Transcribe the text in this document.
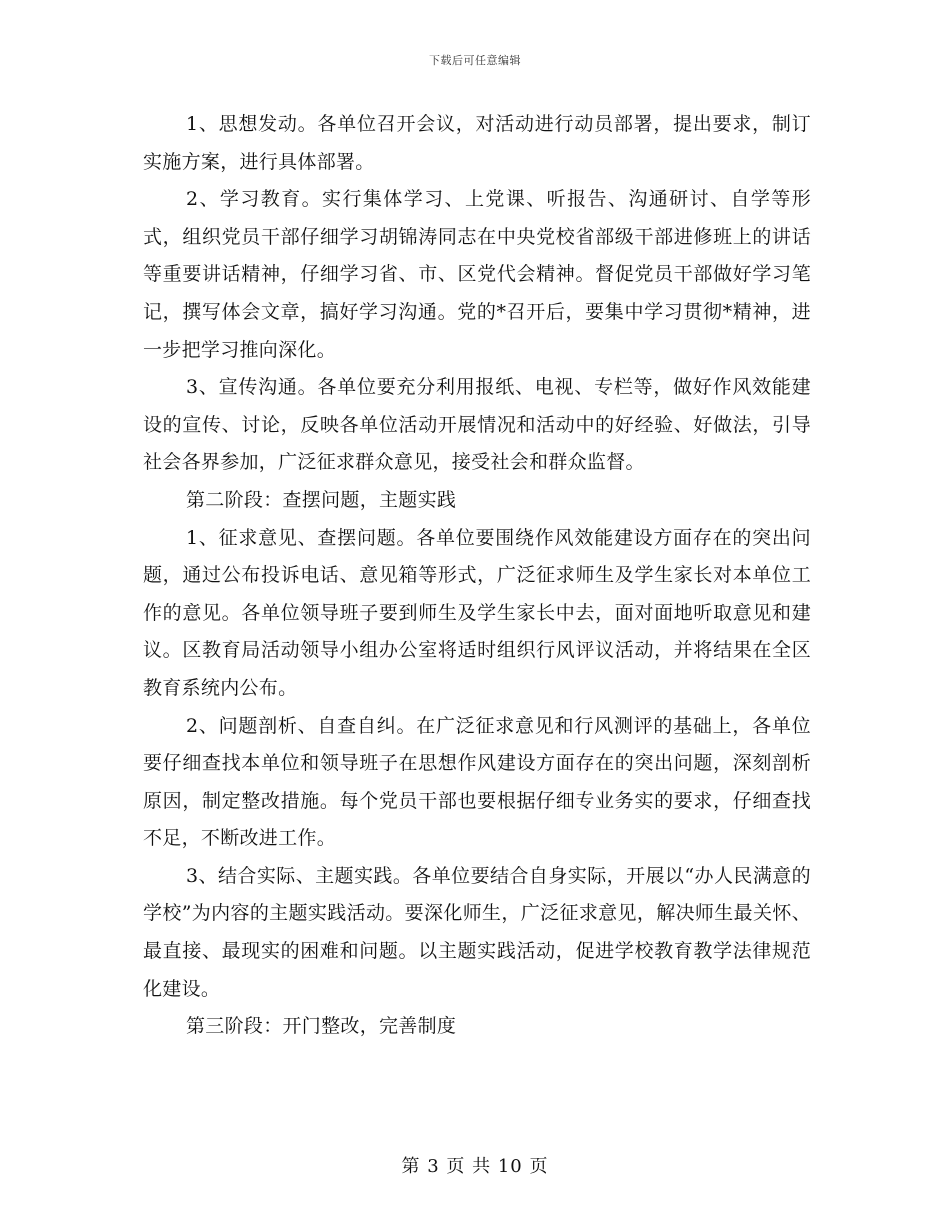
下载后可任意编辑

1、思想发动。各单位召开会议，对活动进行动员部署，提出要求，制订实施方案，进行具体部署。

2、学习教育。实行集体学习、上党课、听报告、沟通研讨、自学等形式，组织党员干部仔细学习胡锦涛同志在中央党校省部级干部进修班上的讲话等重要讲话精神，仔细学习省、市、区党代会精神。督促党员干部做好学习笔记，撰写体会文章，搞好学习沟通。党的*召开后，要集中学习贯彻*精神，进一步把学习推向深化。

3、宣传沟通。各单位要充分利用报纸、电视、专栏等，做好作风效能建设的宣传、讨论，反映各单位活动开展情况和活动中的好经验、好做法，引导社会各界参加，广泛征求群众意见，接受社会和群众监督。

第二阶段：查摆问题，主题实践

1、征求意见、查摆问题。各单位要围绕作风效能建设方面存在的突出问题，通过公布投诉电话、意见箱等形式，广泛征求师生及学生家长对本单位工作的意见。各单位领导班子要到师生及学生家长中去，面对面地听取意见和建议。区教育局活动领导小组办公室将适时组织行风评议活动，并将结果在全区教育系统内公布。

2、问题剖析、自查自纠。在广泛征求意见和行风测评的基础上，各单位要仔细查找本单位和领导班子在思想作风建设方面存在的突出问题，深刻剖析原因，制定整改措施。每个党员干部也要根据仔细专业务实的要求，仔细查找不足，不断改进工作。

3、结合实际、主题实践。各单位要结合自身实际，开展以“办人民满意的学校”为内容的主题实践活动。要深化师生，广泛征求意见，解决师生最关怀、最直接、最现实的困难和问题。以主题实践活动，促进学校教育教学法律规范化建设。

第三阶段：开门整改，完善制度

第 3 页 共 10 页
